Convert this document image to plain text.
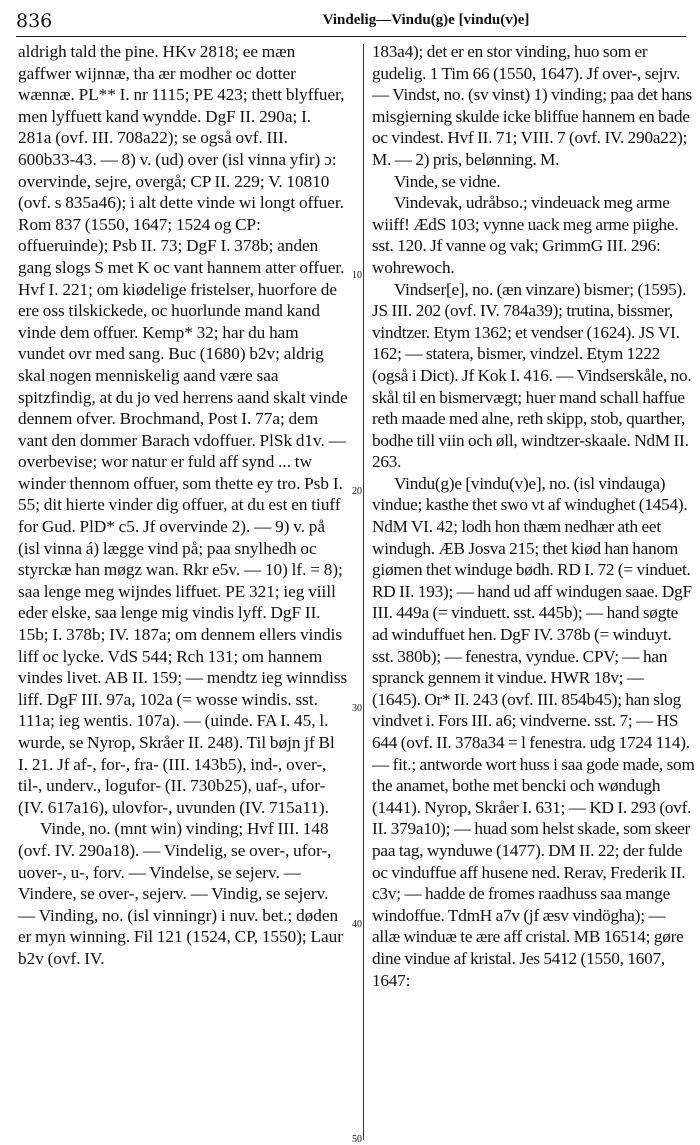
836	Vindelig—Vindu(g)e [vindu(v)e]

aldrigh tald the pine. HKv 2818; ee mæn gaffwer wijnnæ, tha ær modher oc dotter wænnæ. PL** I. nr 1115; PE 423; thett blyffuer, men lyffuett kand wyndde. DgF II. 290a; I. 281a (ovf. III. 708a22); se også ovf. III. 600b33-43. — 8) v. (ud) over (isl vinna yfir) ɔ: overvinde, sejre, overgå; CP II. 229; V. 10810 (ovf. s 835a46); i alt dette vinde wi longt offuer. Rom 837 (1550, 1647; 1524 og CP: offueruinde); Psb II. 73; DgF I. 378b; anden gang slogs S met K oc vant hannem atter offuer. Hvf I. 221; om kiødelige fristelser, huorfore de ere oss tilskickede, oc huorlunde mand kand vinde dem offuer. Kemp* 32; har du ham vundet ovr med sang. Buc (1680) b2v; aldrig skal nogen menniskelig aand være saa spitzfindig, at du jo ved herrens aand skalt vinde dennem ofver. Brochmand, Post I. 77a; dem vant den dommer Barach vdoffuer. PlSk d1v. — overbevise; wor natur er fuld aff synd ... tw winder thennom offuer, som thette ey tro. Psb I. 55; dit hierte vinder dig offuer, at du est en tiuff for Gud. PlD* c5. Jf overvinde 2). — 9) v. på (isl vinna á) lægge vind på; paa snylhedh oc styrckæ han møgz wan. Rkr e5v. — 10) lf. = 8); saa lenge meg wijndes liffuet. PE 321; ieg viill eder elske, saa lenge mig vindis lyff. DgF II. 15b; I. 378b; IV. 187a; om dennem ellers vindis liff oc lycke. VdS 544; Rch 131; om hannem vindes livet. AB II. 159; — mendtz ieg winndiss liff. DgF III. 97a, 102a (= wosse windis. sst. 111a; ieg wentis. 107a). — (uinde. FA I. 45, l. wurde, se Nyrop, Skråer II. 248). Til bøjn jf Bl I. 21. Jf af-, for-, fra- (III. 143b5), ind-, over-, til-, underv., logufor- (II. 730b25), uaf-, ufor- (IV. 617a16), ulovfor-, uvunden (IV. 715a11).

Vinde, no. (mnt win) vinding; Hvf III. 148 (ovf. IV. 290a18). — Vindelig, se over-, ufor-, uover-, u-, forv. — Vindelse, se sejerv. — Vindere, se over-, sejerv. — Vindig, se sejerv. — Vinding, no. (isl vinningr) i nuv. bet.; døden er myn winning. Fil 121 (1524, CP, 1550); Laur b2v (ovf. IV.

10
20
30
40
50

183a4); det er en stor vinding, huo som er gudelig. 1 Tim 66 (1550, 1647). Jf over-, sejrv. — Vindst, no. (sv vinst) 1) vinding; paa det hans misgierning skulde icke bliffue hannem en bade oc vindest. Hvf II. 71; VIII. 7 (ovf. IV. 290a22); M. — 2) pris, belønning. M.

Vinde, se vidne.

Vindevak, udråbso.; vindeuack meg arme wiiff! ÆdS 103; vynne uack meg arme piighe. sst. 120. Jf vanne og vak; GrimmG III. 296: wohrewoch.

Vindser[e], no. (æn vinzare) bismer; (1595). JS III. 202 (ovf. IV. 784a39); trutina, bissmer, vindtzer. Etym 1362; et vendser (1624). JS VI. 162; — statera, bismer, vindzel. Etym 1222 (også i Dict). Jf Kok I. 416. — Vindserskåle, no. skål til en bismervægt; huer mand schall haffue reth maade med alne, reth skipp, stob, quarther, bodhe till viin och øll, windtzer-skaale. NdM II. 263.

Vindu(g)e [vindu(v)e], no. (isl vindauga) vindue; kasthe thet swo vt af windughet (1454). NdM VI. 42; lodh hon thæm nedhær ath eet windugh. ÆB Josva 215; thet kiød han hanom giømen thet winduge bødh. RD I. 72 (= vinduet. RD II. 193); — hand ud aff windugen saae. DgF III. 449a (= vinduett. sst. 445b); — hand søgte ad winduffuet hen. DgF IV. 378b (= winduyt. sst. 380b); — fenestra, vyndue. CPV; — han spranck gennem it vindue. HWR 18v; — (1645). Or* II. 243 (ovf. III. 854b45); han slog vindvet i. Fors III. a6; vindverne. sst. 7; — HS 644 (ovf. II. 378a34 = l fenestra. udg 1724 114). — fit.; antworde wort huss i saa gode made, som the anamet, bothe met bencki och wøndugh (1441). Nyrop, Skråer I. 631; — KD I. 293 (ovf. II. 379a10); — huad som helst skade, som skeer paa tag, wynduwe (1477). DM II. 22; der fulde oc vinduffue aff husene ned. Rerav, Frederik II. c3v; — hadde de fromes raadhuss saa mange windoffue. TdmH a7v (jf æsv vindögha); — allæ winduæ te ære aff cristal. MB 16514; gøre dine vindue af kristal. Jes 5412 (1550, 1607, 1647:
